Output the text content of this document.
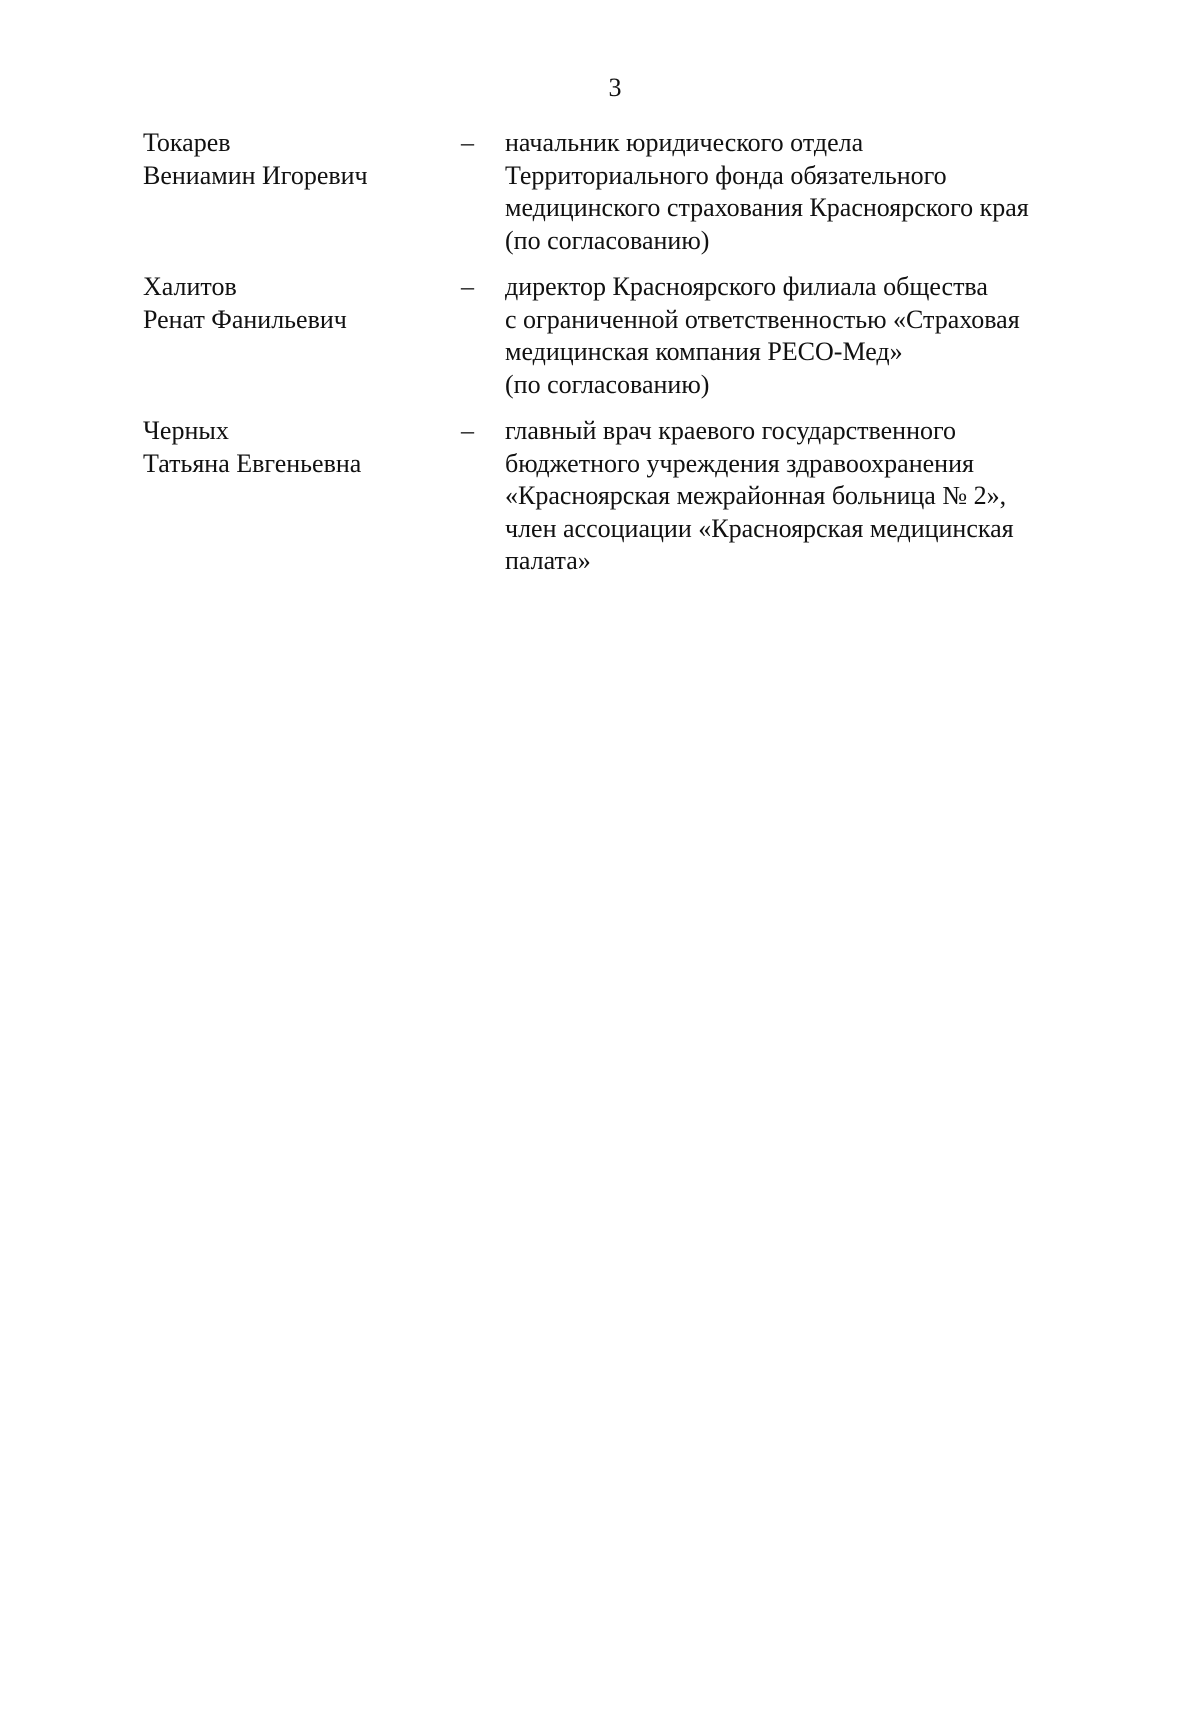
3
Токарев
Вениамин Игоревич
–	начальник юридического отдела
Территориального фонда обязательного
медицинского страхования Красноярского края
(по согласованию)
Халитов
Ренат Фанильевич
–	директор Красноярского филиала общества
с ограниченной ответственностью «Страховая
медицинская компания РЕСО-Мед»
(по согласованию)
Черных
Татьяна Евгеньевна
–	главный врач краевого государственного
бюджетного учреждения здравоохранения
«Красноярская межрайонная больница № 2»,
член ассоциации «Красноярская медицинская
палата»
